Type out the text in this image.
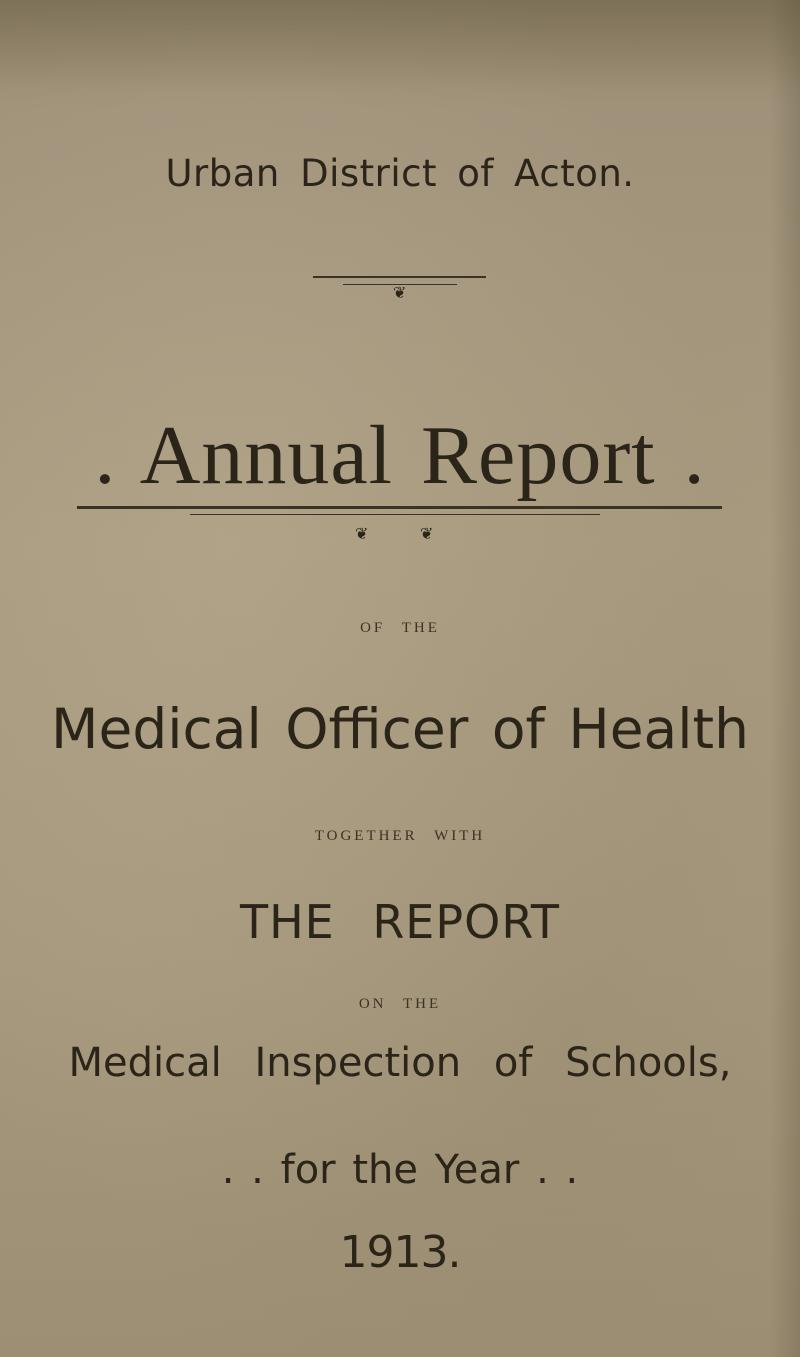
Urban District of Acton.

❦

. Annual Report .

❦	❦

OF THE

Medical Officer of Health

TOGETHER WITH

THE REPORT

ON THE

Medical Inspection of Schools,

. . for the Year . .

1913.
